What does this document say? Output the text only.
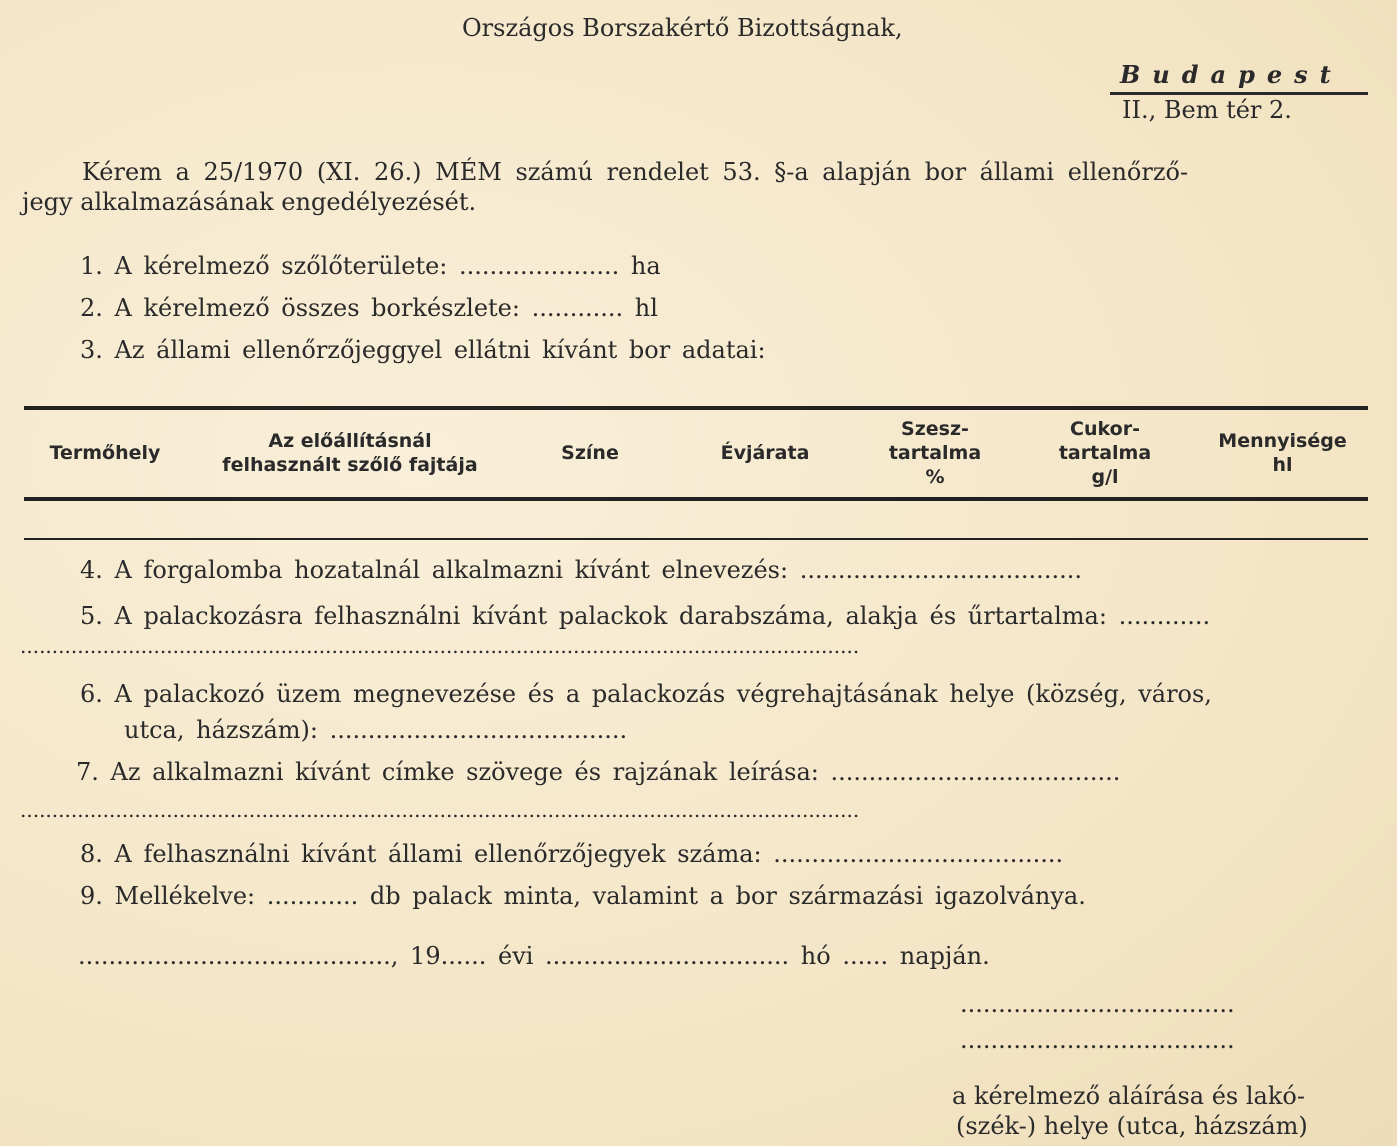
Országos Borszakértő Bizottságnak,
Budapest
II., Bem tér 2.
Kérem a 25/1970 (XI. 26.) MÉM számú rendelet 53. §-a alapján bor állami ellenőrző-
jegy alkalmazásának engedélyezését.
1. A kérelmező szőlőterülete: ..................... ha
2. A kérelmező összes borkészlete: ............ hl
3. Az állami ellenőrzőjeggyel ellátni kívánt bor adatai:
Termőhely
Az előállításnál
felhasznált szőlő fajtája
Színe	Évjárata
Szesz-
tartalma
%
Cukor-
tartalma
g/l
Mennyisége
hl
4. A forgalomba hozatalnál alkalmazni kívánt elnevezés: .....................................
5. A palackozásra felhasználni kívánt palackok darabszáma, alakja és űrtartalma: ............
....................................................................................................................................
6. A palackozó üzem megnevezése és a palackozás végrehajtásának helye (község, város,
utca, házszám): .......................................
7. Az alkalmazni kívánt címke szövege és rajzának leírása: ......................................
....................................................................................................................................
8. A felhasználni kívánt állami ellenőrzőjegyek száma: ......................................
9. Mellékelve: ............ db palack minta, valamint a bor származási igazolványa.
........................................., 19...... évi ................................ hó ...... napján.
....................................
....................................
a kérelmező aláírása és lakó-
(szék-) helye (utca, házszám)
